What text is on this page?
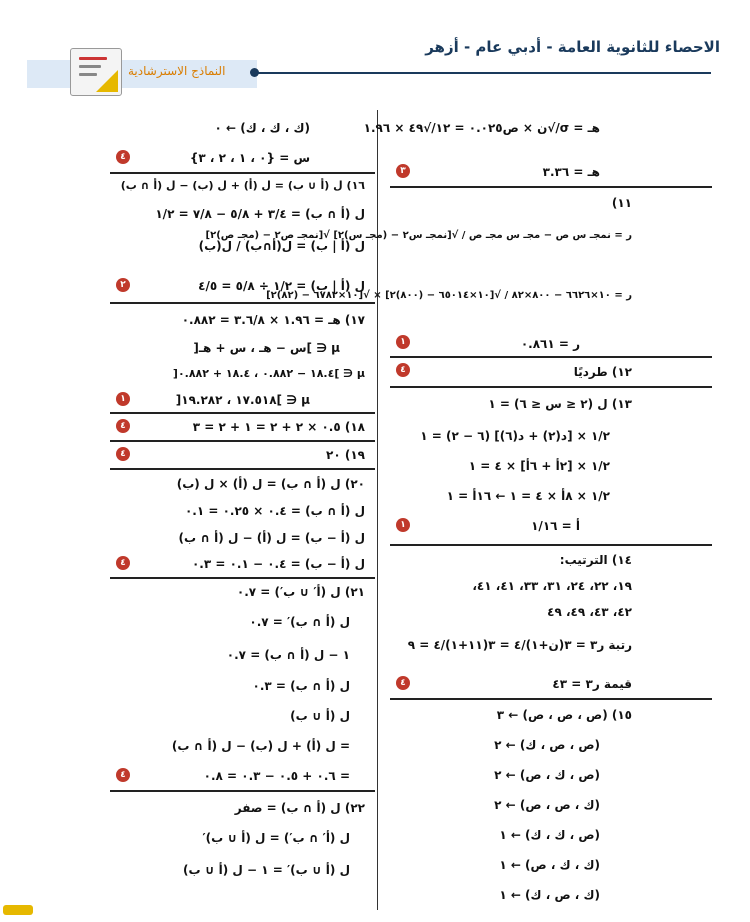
الاحصاء للثانوية العامة - أدبي عام - أزهر
النماذج الاسترشادية
هـ = σ/√ن × ص٠.٠٢٥ = ١٢/√٤٩ × ١.٩٦
٣	هـ = ٣.٣٦
١١)
ر = نمجـ س ص − مجـ س مجـ ص / √[نمجـ س٢ − (مجـ س)٢] √[نمجـ ص٢ − (مجـ ص)٢]
ر = ١٠×٦٦٢٦ − ٨٠٠×٨٢ / √[١٠×٦٥٠١٤ − (٨٠٠)٢] × √[١٠×٦٧٨٢ − (٨٢)٢]
١	ر = ٠.٨٦١
٤	١٢) طرديًا
١٣) ل (٢ ≤ س ≤ ٦) = ١
١/٢ × [د(٢) + د(٦)] (٦ − ٢) = ١
١/٢ × [٢أ + ٦أ] × ٤ = ١
١/٢ × ٨أ × ٤ = ١ ← ١٦أ = ١
١	أ = ١/١٦
١٤) الترتيب:
١٩، ٢٢، ٢٤، ٣١، ٣٣، ٤١، ٤١،
٤٢، ٤٣، ٤٩، ٤٩
رتبة ر٣ = ٣(ن+١)/٤ = ٣(١١+١)/٤ = ٩
٤	قيمة ر٣ = ٤٣
١٥) (ص ، ص ، ص) ← ٣
(ص ، ص ، ك) ← ٢
(ص ، ك ، ص) ← ٢
(ك ، ص ، ص) ← ٢
(ص ، ك ، ك) ← ١
(ك ، ك ، ص) ← ١
(ك ، ص ، ك) ← ١
(ك ، ك ، ك) ← ٠
٤	س = {٠ ، ١ ، ٢ ، ٣}
١٦) ل (أ ∪ ب) = ل (أ) + ل (ب) − ل (أ ∩ ب)
ل (أ ∩ ب) = ٣/٤ + ٥/٨ − ٧/٨ = ١/٢
ل (أ | ب) = ل(أ∩ب) / ل(ب)
٢	ل (أ | ب) = ١/٢ ÷ ٥/٨ = ٤/٥
١٧) هـ = ١.٩٦ × ٣.٦/٨ = ٠.٨٨٢
μ ∈ ]س − هـ ، س + هـ[
μ ∈ ]١٨.٤ − ٠.٨٨٢ ، ١٨.٤ + ٠.٨٨٢[
١	μ ∈ ]١٧.٥١٨ ، ١٩.٢٨٢[
٤	١٨) ٠.٥ × ٢ + ٢ = ١ + ٢ = ٣
٤	١٩) ٢٠
٢٠) ل (أ ∩ ب) = ل (أ) × ل (ب)
ل (أ ∩ ب) = ٠.٤ × ٠.٢٥ = ٠.١
ل (أ − ب) = ل (أ) − ل (أ ∩ ب)
٤	ل (أ − ب) = ٠.٤ − ٠.١ = ٠.٣
٢١) ل (أ′ ∪ ب′) = ٠.٧
ل (أ ∩ ب)′ = ٠.٧
١ − ل (أ ∩ ب) = ٠.٧
ل (أ ∩ ب) = ٠.٣
ل (أ ∪ ب)
= ل (أ) + ل (ب) − ل (أ ∩ ب)
٤	= ٠.٦ + ٠.٥ − ٠.٣ = ٠.٨
٢٢) ل (أ ∩ ب) = صفر
ل (أ′ ∩ ب′) = ل (أ ∪ ب)′
ل (أ ∪ ب)′ = ١ − ل (أ ∪ ب)
